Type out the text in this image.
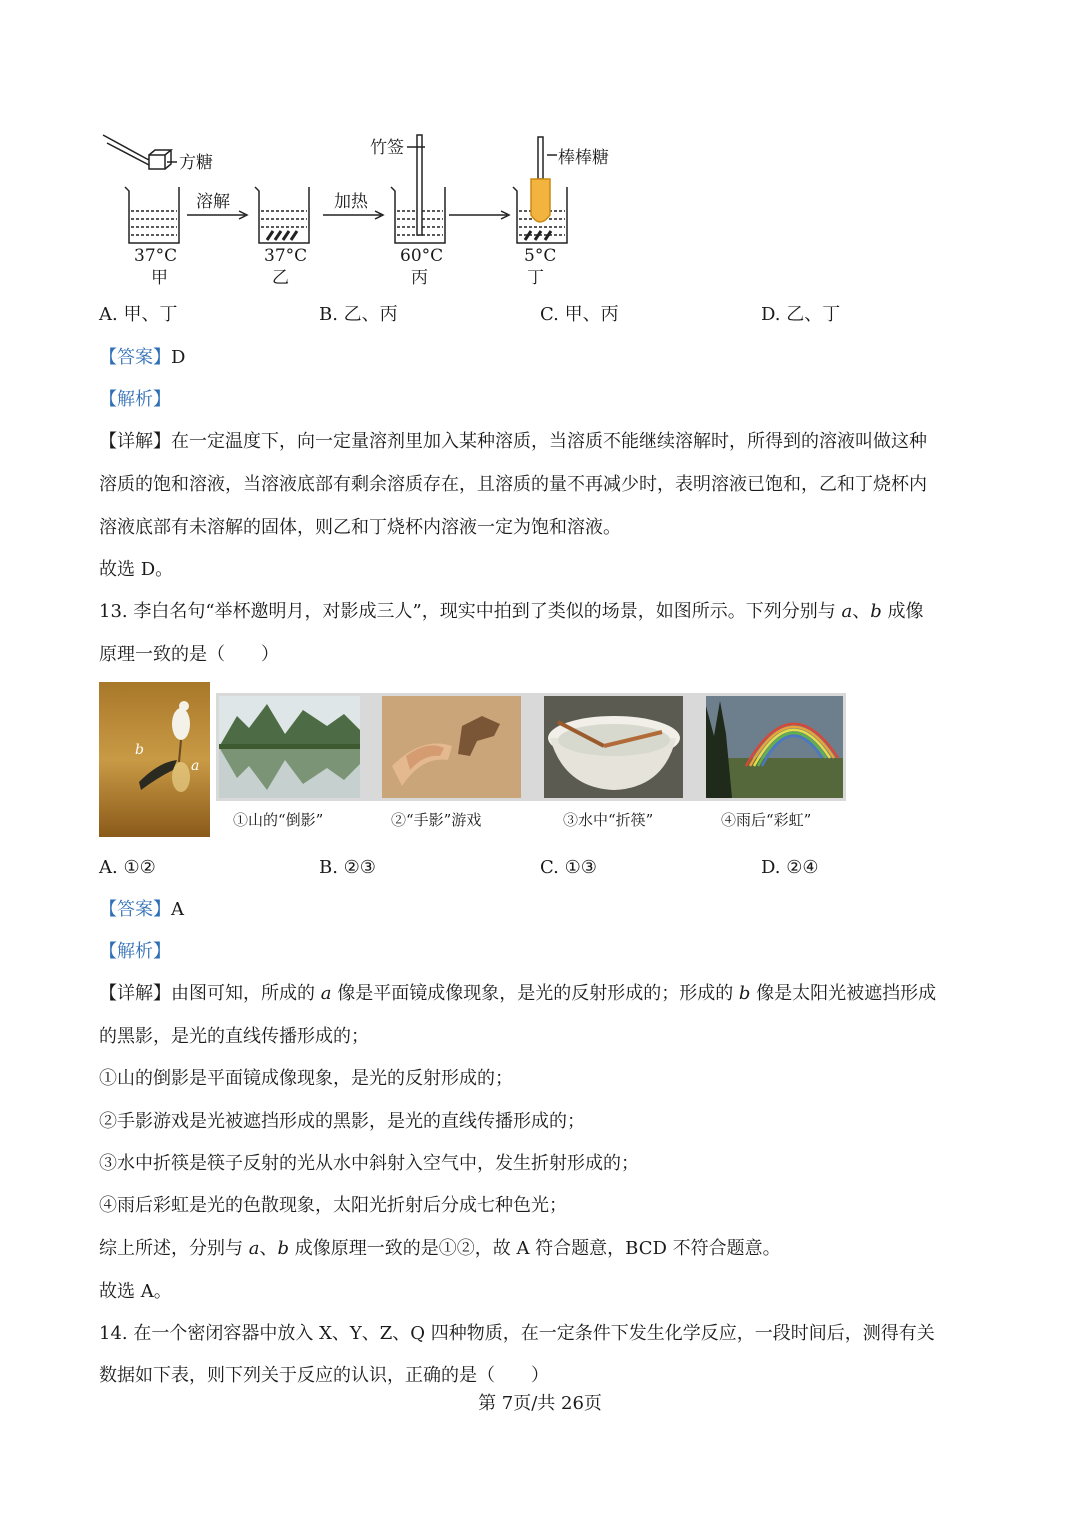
方糖
溶解	加热
竹签	棒棒糖
37°C
甲
37°C
乙
60°C
丙
5°C
丁
A. 甲、丁	B. 乙、丙	C. 甲、丙	D. 乙、丁
【答案】D
【解析】
【详解】在一定温度下，向一定量溶剂里加入某种溶质，当溶质不能继续溶解时，所得到的溶液叫做这种
溶质的饱和溶液，当溶液底部有剩余溶质存在，且溶质的量不再减少时，表明溶液已饱和，乙和丁烧杯内
溶液底部有未溶解的固体，则乙和丁烧杯内溶液一定为饱和溶液。
故选 D。
13. 李白名句“举杯邀明月，对影成三人”，现实中拍到了类似的场景，如图所示。下列分别与 a、b 成像
原理一致的是（　　）
b
a
①山的“倒影”	②“手影”游戏	③水中“折筷”	④雨后“彩虹”
A. ①②	B. ②③	C. ①③	D. ②④
【答案】A
【解析】
【详解】由图可知，所成的 a 像是平面镜成像现象，是光的反射形成的；形成的 b 像是太阳光被遮挡形成
的黑影，是光的直线传播形成的；
①山的倒影是平面镜成像现象，是光的反射形成的；
②手影游戏是光被遮挡形成的黑影，是光的直线传播形成的；
③水中折筷是筷子反射的光从水中斜射入空气中，发生折射形成的；
④雨后彩虹是光的色散现象，太阳光折射后分成七种色光；
综上所述，分别与 a、b 成像原理一致的是①②，故 A 符合题意，BCD 不符合题意。
故选 A。
14. 在一个密闭容器中放入 X、Y、Z、Q 四种物质，在一定条件下发生化学反应，一段时间后，测得有关
数据如下表，则下列关于反应的认识，正确的是（　　）
第 7页/共 26页
